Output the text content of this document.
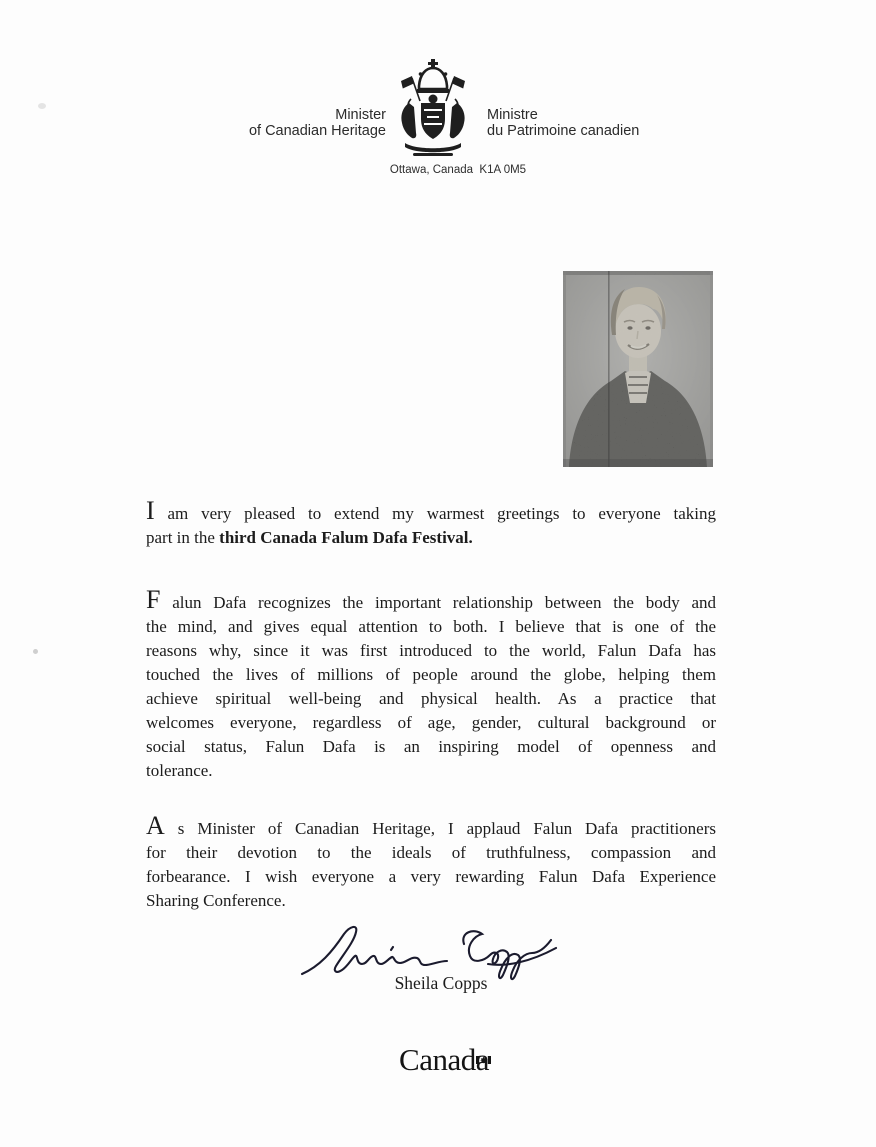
Minister
of Canadian Heritage
Ministre
du Patrimoine canadien
Ottawa, Canada  K1A 0M5
I am very pleased to extend my warmest greetings to everyone taking
part in the third Canada Falum Dafa Festival.
F alun Dafa recognizes the important relationship between the body and
the mind, and gives equal attention to both. I believe that is one of the
reasons why, since it was first introduced to the world, Falun Dafa has
touched the lives of millions of people around the globe, helping them
achieve spiritual well-being and physical health. As a practice that
welcomes everyone, regardless of age, gender, cultural background or
social status, Falun Dafa is an inspiring model of openness and
tolerance.
A s Minister of Canadian Heritage, I applaud Falun Dafa practitioners
for their devotion to the ideals of truthfulness, compassion and
forbearance. I wish everyone a very rewarding Falun Dafa Experience
Sharing Conference.
Sheila Copps
Canad
